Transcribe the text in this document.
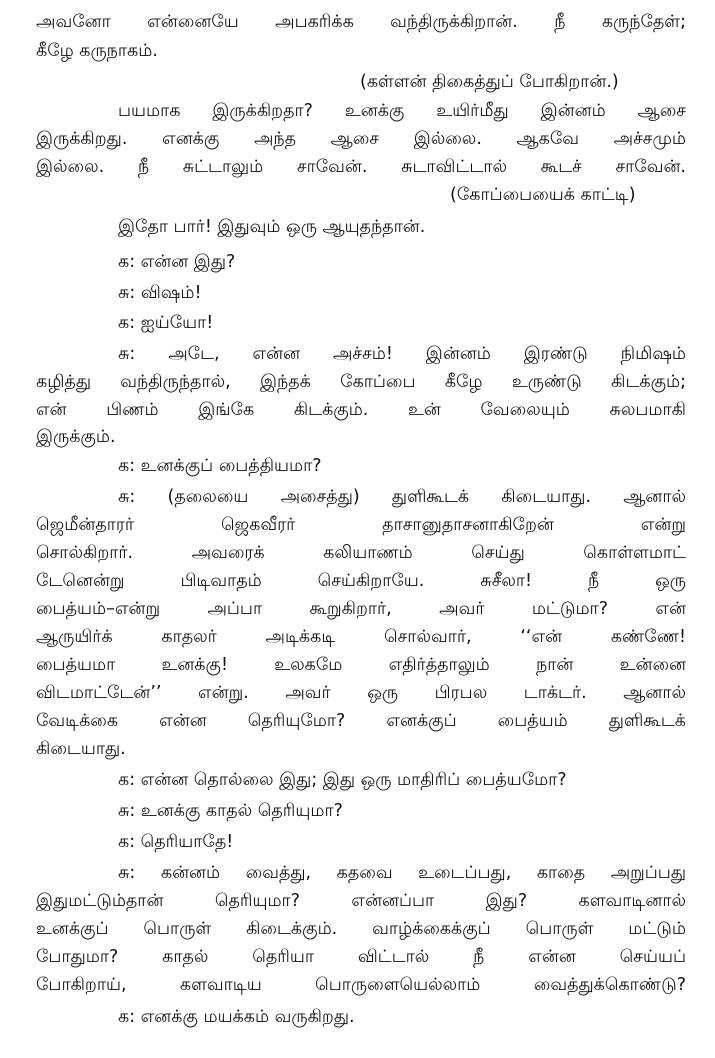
அவனோ என்னையே அபகரிக்க வந்திருக்கிறான். நீ கருந்தேள்;
கீழே கருநாகம்.
(கள்ளன் திகைத்துப் போகிறான்.)
பயமாக இருக்கிறதா? உனக்கு உயிர்மீது இன்னம் ஆசை
இருக்கிறது. எனக்கு அந்த ஆசை இல்லை. ஆகவே அச்சமும்
இல்லை. நீ சுட்டாலும் சாவேன். சுடாவிட்டால் கூடச் சாவேன்.
(கோப்பையைக் காட்டி)
இதோ பார்! இதுவும் ஒரு ஆயுதந்தான்.
க: என்ன இது?
சு: விஷம்!
க: ஐய்யோ!
சு: அடே, என்ன அச்சம்! இன்னம் இரண்டு நிமிஷம்
கழித்து வந்திருந்தால், இந்தக் கோப்பை கீழே உருண்டு கிடக்கும்;
என் பிணம் இங்கே கிடக்கும். உன் வேலையும் சுலபமாகி
இருக்கும்.
க: உனக்குப் பைத்தியமா?
சு: (தலையை அசைத்து) துளிகூடக் கிடையாது. ஆனால்
ஜெமீன்தாரர் ஜெகவீரர் தாசானுதாசனாகிறேன் என்று
சொல்கிறார். அவரைக் கலியாணம் செய்து கொள்ளமாட்
டேனென்று பிடிவாதம் செய்கிறாயே. சுசீலா! நீ ஒரு
பைத்யம்–என்று அப்பா கூறுகிறார், அவர் மட்டுமா? என்
ஆருயிர்க் காதலர் அடிக்கடி சொல்வார், ‘‘என் கண்ணே!
பைத்யமா உனக்கு! உலகமே எதிர்த்தாலும் நான் உன்னை
விடமாட்டேன்’’ என்று. அவர் ஒரு பிரபல டாக்டர். ஆனால்
வேடிக்கை என்ன தெரியுமோ? எனக்குப் பைத்யம் துளிகூடக்
கிடையாது.
க: என்ன தொல்லை இது; இது ஒரு மாதிரிப் பைத்யமோ?
சு: உனக்கு காதல் தெரியுமா?
க: தெரியாதே!
சு: கன்னம் வைத்து, கதவை உடைப்பது, காதை அறுப்பது
இதுமட்டும்தான் தெரியுமா? என்னப்பா இது? களவாடினால்
உனக்குப் பொருள் கிடைக்கும். வாழ்க்கைக்குப் பொருள் மட்டும்
போதுமா? காதல் தெரியா விட்டால் நீ என்ன செய்யப்
போகிறாய், களவாடிய பொருளையெல்லாம் வைத்துக்கொண்டு?
க: எனக்கு மயக்கம் வருகிறது.
